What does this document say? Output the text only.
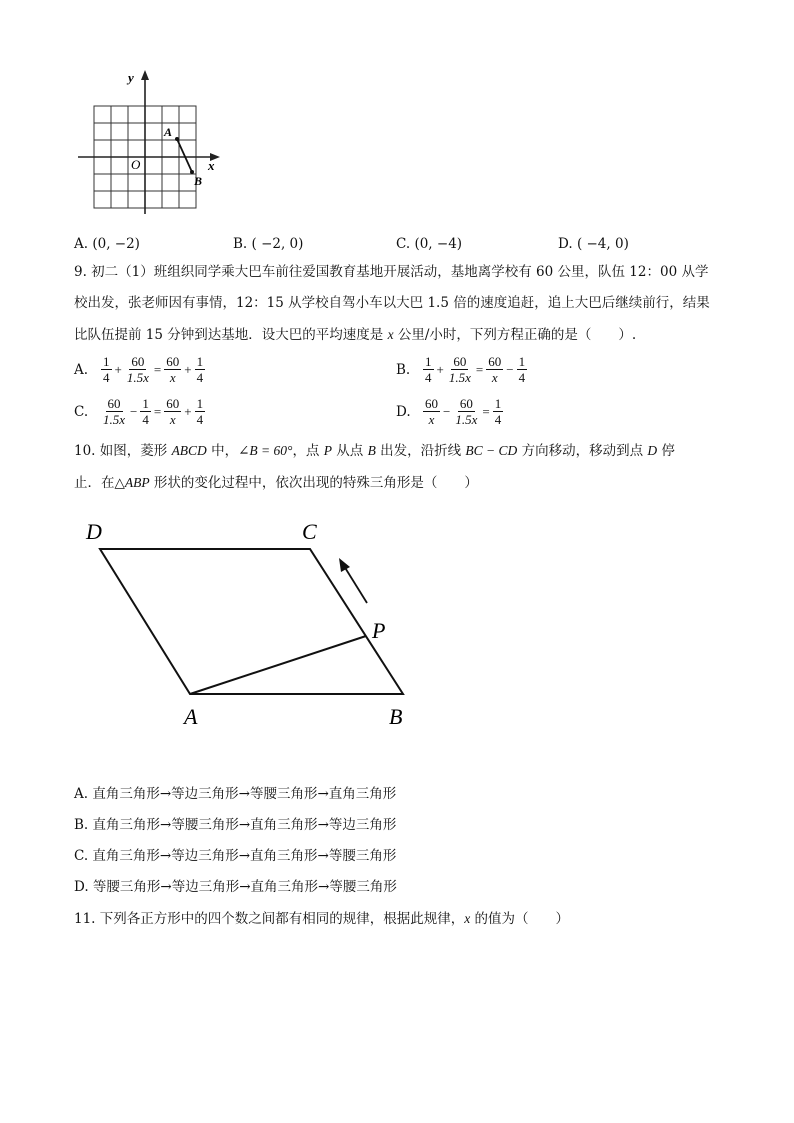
y
x
O
A
B
A. (0, −2)	B. ( −2, 0)	C. (0, −4)	D. ( −4, 0)
9. 初二（1）班组织同学乘大巴车前往爱国教育基地开展活动，基地离学校有 60 公里，队伍 12：00 从学
校出发，张老师因有事情，12：15 从学校自驾小车以大巴 1.5 倍的速度追赶，追上大巴后继续前行，结果
比队伍提前 15 分钟到达基地．设大巴的平均速度是 x 公里/小时，下列方程正确的是（　　）.
A. $\frac{1}{4} + \frac{60}{1.5x} = \frac{60}{x} + \frac{1}{4}$	B. $\frac{1}{4} + \frac{60}{1.5x} = \frac{60}{x} - \frac{1}{4}$
C. $\frac{60}{1.5x} - \frac{1}{4} = \frac{60}{x} + \frac{1}{4}$	D. $\frac{60}{x} - \frac{60}{1.5x} = \frac{1}{4}$
10. 如图，菱形 ABCD 中，∠B = 60°，点 P 从点 B 出发，沿折线 BC − CD 方向移动，移动到点 D 停
止．在△ABP 形状的变化过程中，依次出现的特殊三角形是（　　）
D	C
P
A	B
A. 直角三角形→等边三角形→等腰三角形→直角三角形
B. 直角三角形→等腰三角形→直角三角形→等边三角形
C. 直角三角形→等边三角形→直角三角形→等腰三角形
D. 等腰三角形→等边三角形→直角三角形→等腰三角形
11. 下列各正方形中的四个数之间都有相同的规律，根据此规律，x 的值为（　　）
